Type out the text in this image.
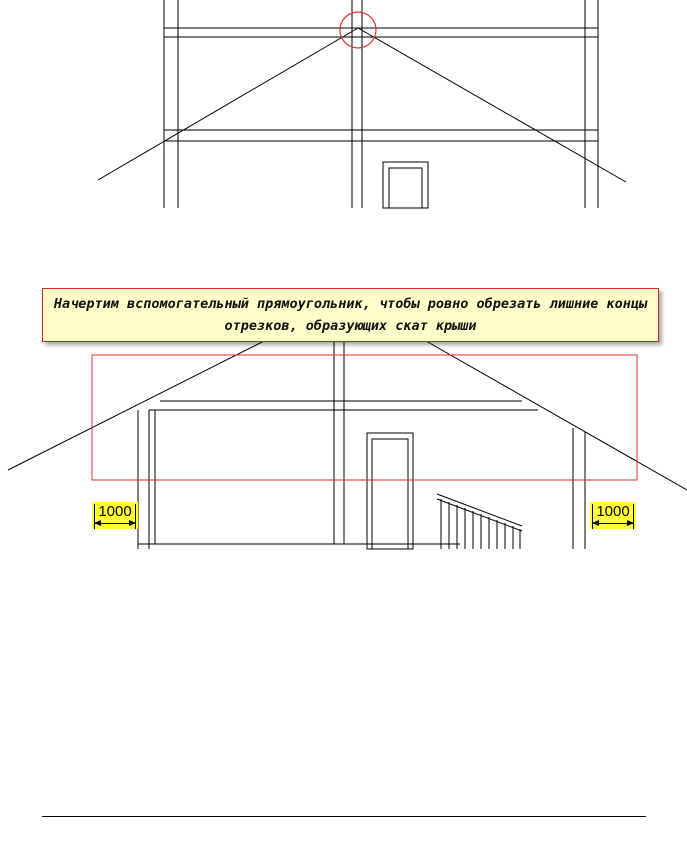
Начертим вспомогательный прямоугольник, чтобы ровно обрезать лишние концы отрезков, образующих скат крыши
1000	1000
